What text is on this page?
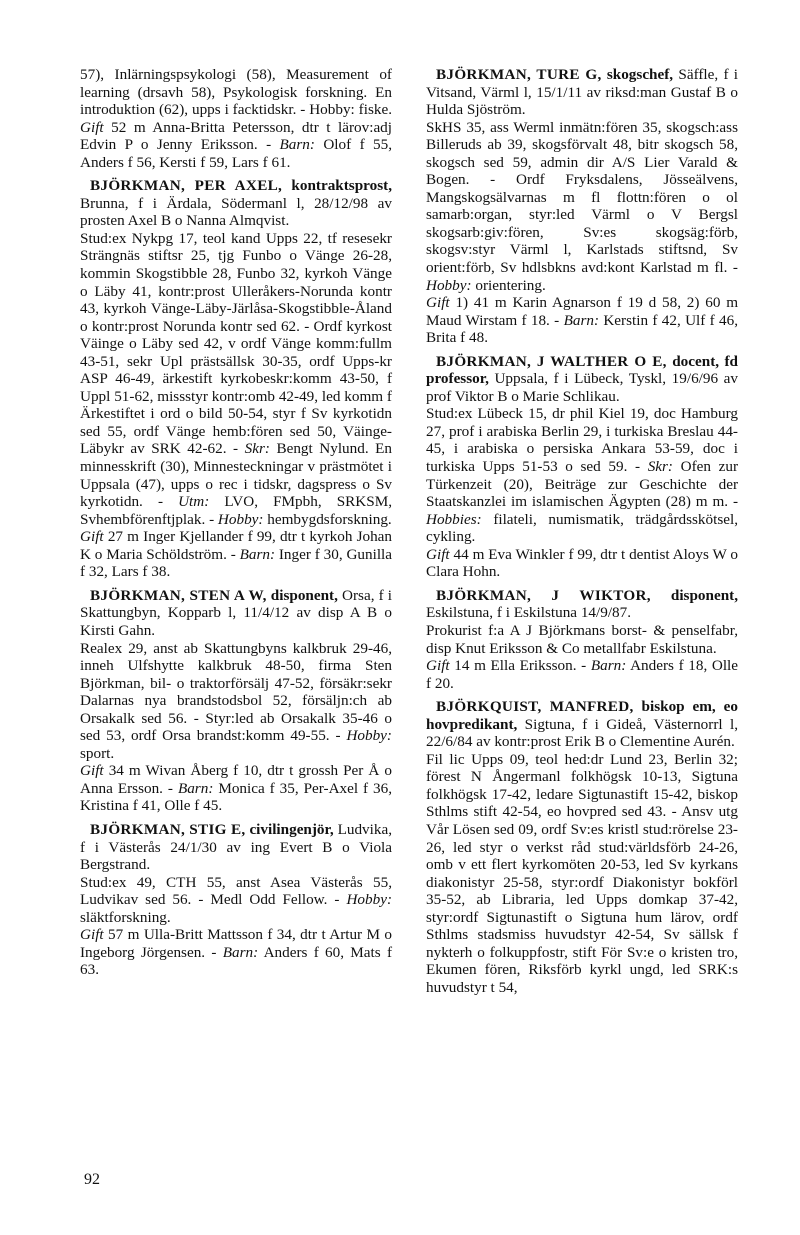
57), Inlärningspsykologi (58), Measurement of learning (drsavh 58), Psykologisk forskning. En introduktion (62), upps i facktidskr. - Hobby: fiske. Gift 52 m Anna-Britta Petersson, dtr t lärov:adj Edvin P o Jenny Eriksson. - Barn: Olof f 55, Anders f 56, Kersti f 59, Lars f 61.

BJÖRKMAN, PER AXEL, kontraktsprost, Brunna, f i Ärdala, Södermanl l, 28/12/98 av prosten Axel B o Nanna Almqvist.

Stud:ex Nykpg 17, teol kand Upps 22, tf resesekr Strängnäs stiftsr 25, tjg Funbo o Vänge 26-28, kommin Skogstibble 28, Funbo 32, kyrkoh Vänge o Läby 41, kontr:prost Ulleråkers-Norunda kontr 43, kyrkoh Vänge-Läby-Järlåsa-Skogstibble-Åland o kontr:prost Norunda kontr sed 62. - Ordf kyrkost Väinge o Läby sed 42, v ordf Vänge komm:fullm 43-51, sekr Upl prästsällsk 30-35, ordf Upps-kr ASP 46-49, ärkestift kyrkobeskr:komm 43-50, f Uppl 51-62, missstyr kontr:omb 42-49, led komm f Ärkestiftet i ord o bild 50-54, styr f Sv kyrkotidn sed 55, ordf Vänge hemb:fören sed 50, Väinge-Läbykr av SRK 42-62. - Skr: Bengt Nylund. En minnesskrift (30), Minnesteckningar v prästmötet i Uppsala (47), upps o rec i tidskr, dagspress o Sv kyrkotidn. - Utm: LVO, FMpbh, SRKSM, Svhembförenftjplak. - Hobby: hembygdsforskning.

Gift 27 m Inger Kjellander f 99, dtr t kyrkoh Johan K o Maria Schöldström. - Barn: Inger f 30, Gunilla f 32, Lars f 38.

BJÖRKMAN, STEN A W, disponent, Orsa, f i Skattungbyn, Kopparb l, 11/4/12 av disp A B o Kirsti Gahn.

Realex 29, anst ab Skattungbyns kalkbruk 29-46, inneh Ulfshytte kalkbruk 48-50, firma Sten Björkman, bil- o traktorförsälj 47-52, försäkr:sekr Dalarnas nya brandstodsbol 52, försäljn:ch ab Orsakalk sed 56. - Styr:led ab Orsakalk 35-46 o sed 53, ordf Orsa brandst:komm 49-55. - Hobby: sport.

Gift 34 m Wivan Åberg f 10, dtr t grossh Per Å o Anna Ersson. - Barn: Monica f 35, Per-Axel f 36, Kristina f 41, Olle f 45.

BJÖRKMAN, STIG E, civilingenjör, Ludvika, f i Västerås 24/1/30 av ing Evert B o Viola Bergstrand.

Stud:ex 49, CTH 55, anst Asea Västerås 55, Ludvikav sed 56. - Medl Odd Fellow. - Hobby: släktforskning.

Gift 57 m Ulla-Britt Mattsson f 34, dtr t Artur M o Ingeborg Jörgensen. - Barn: Anders f 60, Mats f 63.

BJÖRKMAN, TURE G, skogschef, Säffle, f i Vitsand, Värml l, 15/1/11 av riksd:man Gustaf B o Hulda Sjöström.

SkHS 35, ass Werml inmätn:fören 35, skogsch:ass Billeruds ab 39, skogsförvalt 48, bitr skogsch 58, skogsch sed 59, admin dir A/S Lier Varald & Bogen. - Ordf Fryksdalens, Jösseälvens, Mangskogsälvarnas m fl flottn:fören o ol samarb:organ, styr:led Värml o V Bergsl skogsarb:giv:fören, Sv:es skogsäg:förb, skogsv:styr Värml l, Karlstads stiftsnd, Sv orient:förb, Sv hdlsbkns avd:kont Karlstad m fl. - Hobby: orientering.

Gift 1) 41 m Karin Agnarson f 19 d 58, 2) 60 m Maud Wirstam f 18. - Barn: Kerstin f 42, Ulf f 46, Brita f 48.

BJÖRKMAN, J WALTHER O E, docent, fd professor, Uppsala, f i Lübeck, Tyskl, 19/6/96 av prof Viktor B o Marie Schlikau.

Stud:ex Lübeck 15, dr phil Kiel 19, doc Hamburg 27, prof i arabiska Berlin 29, i turkiska Breslau 44-45, i arabiska o persiska Ankara 53-59, doc i turkiska Upps 51-53 o sed 59. - Skr: Ofen zur Türkenzeit (20), Beiträge zur Geschichte der Staatskanzlei im islamischen Ägypten (28) m m. - Hobbies: filateli, numismatik, trädgårdsskötsel, cykling.

Gift 44 m Eva Winkler f 99, dtr t dentist Aloys W o Clara Hohn.

BJÖRKMAN, J WIKTOR, disponent, Eskilstuna, f i Eskilstuna 14/9/87.

Prokurist f:a A J Björkmans borst- & penselfabr, disp Knut Eriksson & Co metallfabr Eskilstuna.

Gift 14 m Ella Eriksson. - Barn: Anders f 18, Olle f 20.

BJÖRKQUIST, MANFRED, biskop em, eo hovpredikant, Sigtuna, f i Gideå, Västernorrl l, 22/6/84 av kontr:prost Erik B o Clementine Aurén.

Fil lic Upps 09, teol hed:dr Lund 23, Berlin 32; förest N Ångermanl folkhögsk 10-13, Sigtuna folkhögsk 17-42, ledare Sigtunastift 15-42, biskop Sthlms stift 42-54, eo hovpred sed 43. - Ansv utg Vår Lösen sed 09, ordf Sv:es kristl stud:rörelse 23-26, led styr o verkst råd stud:världsförb 24-26, omb v ett flert kyrkomöten 20-53, led Sv kyrkans diakonistyr 25-58, styr:ordf Diakonistyr bokförl 35-52, ab Libraria, led Upps domkap 37-42, styr:ordf Sigtunastift o Sigtuna hum lärov, ordf Sthlms stadsmiss huvudstyr 42-54, Sv sällsk f nykterh o folkuppfostr, stift För Sv:e o kristen tro, Ekumen fören, Riksförb kyrkl ungd, led SRK:s huvudstyr t 54,

92
